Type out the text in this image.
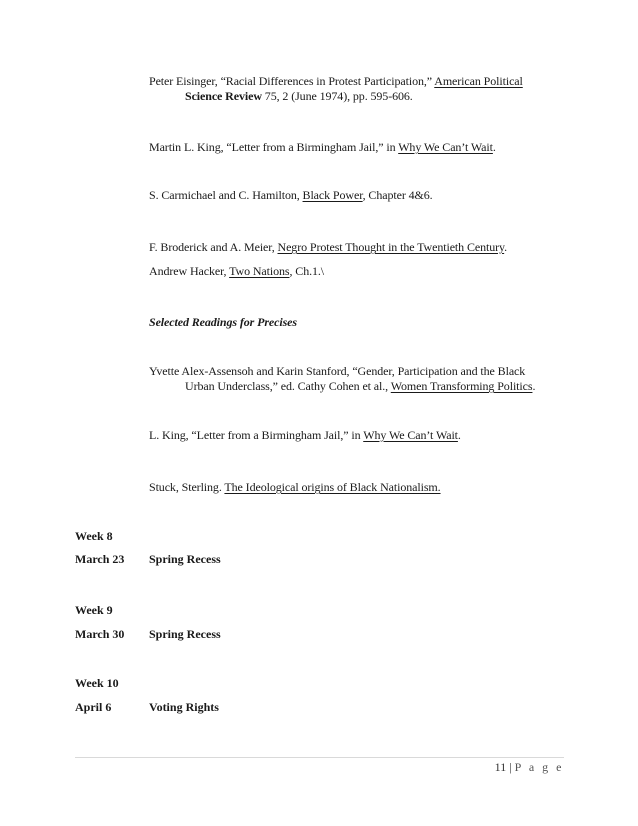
Peter Eisinger, “Racial Differences in Protest Participation,” American Political
Science Review 75, 2 (June 1974), pp. 595-606.
Martin L. King, “Letter from a Birmingham Jail,” in Why We Can’t Wait.
S. Carmichael and C. Hamilton, Black Power, Chapter 4&6.
F. Broderick and A. Meier, Negro Protest Thought in the Twentieth Century.
Andrew Hacker, Two Nations, Ch.1.\
Selected Readings for Precises
Yvette Alex-Assensoh and Karin Stanford, “Gender, Participation and the Black
Urban Underclass,” ed. Cathy Cohen et al., Women Transforming Politics.
L. King, “Letter from a Birmingham Jail,” in Why We Can’t Wait.
Stuck, Sterling. The Ideological origins of Black Nationalism.
Week 8
March 23 Spring Recess
Week 9
March 30 Spring Recess
Week 10
April 6	Voting Rights
11 | P a g e
